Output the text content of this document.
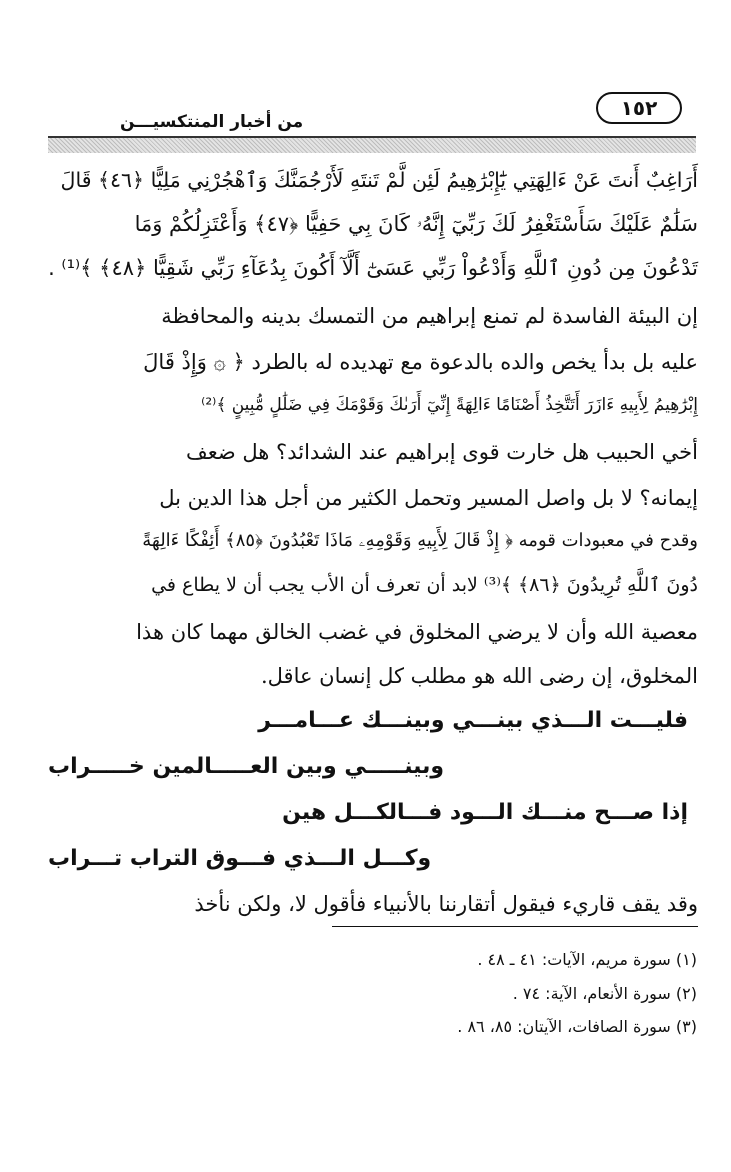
١٥٢
من أخبار المنتكسيـــن
أَرَاغِبٌ أَنتَ عَنْ ءَالِهَتِي يَٰٓإِبْرَٰهِيمُ لَئِن لَّمْ تَنتَهِ لَأَرْجُمَنَّكَ وَٱهْجُرْنِي مَلِيًّا ﴿٤٦﴾ قَالَ
سَلَٰمٌ عَلَيْكَ سَأَسْتَغْفِرُ لَكَ رَبِّيٓ إِنَّهُۥ كَانَ بِي حَفِيًّا ﴿٤٧﴾ وَأَعْتَزِلُكُمْ وَمَا
تَدْعُونَ مِن دُونِ ٱللَّهِ وَأَدْعُواْ رَبِّي عَسَىٰٓ أَلَّآ أَكُونَ بِدُعَآءِ رَبِّي شَقِيًّا ﴿٤٨﴾ ﴾⁽¹⁾ .
إن البيئة الفاسدة لم تمنع إبراهيم من التمسك بدينه والمحافظة
عليه بل بدأ يخص والده بالدعوة مع تهديده له بالطرد ﴿ ۞ وَإِذْ قَالَ
إِبْرَٰهِيمُ لِأَبِيهِ ءَازَرَ أَتَتَّخِذُ أَصْنَامًا ءَالِهَةً إِنِّيٓ أَرَىٰكَ وَقَوْمَكَ فِي ضَلَٰلٍ مُّبِينٍ ﴾⁽²⁾
أخي الحبيب هل خارت قوى إبراهيم عند الشدائد؟ هل ضعف
إيمانه؟ لا بل واصل المسير وتحمل الكثير من أجل هذا الدين بل
وقدح في معبودات قومه ﴿ إِذْ قَالَ لِأَبِيهِ وَقَوْمِهِۦ مَاذَا تَعْبُدُونَ ﴿٨٥﴾ أَئِفْكًا ءَالِهَةً
دُونَ ٱللَّهِ تُرِيدُونَ ﴿٨٦﴾ ﴾⁽³⁾ لابد أن تعرف أن الأب يجب أن لا يطاع في
معصية الله وأن لا يرضي المخلوق في غضب الخالق مهما كان هذا
المخلوق، إن رضى الله هو مطلب كل إنسان عاقل.
فليـــت الـــذي بينـــي وبينـــك عـــامـــر
وبينـــــي وبين العـــــالمين خـــــراب
إذا صـــح منـــك الـــود فـــالكـــل هين
وكـــل الـــذي فـــوق التراب تـــراب
وقد يقف قاريء فيقول أتقارننا بالأنبياء فأقول لا، ولكن نأخذ
(١) سورة مريم، الآيات: ٤١ ـ ٤٨ .
(٢) سورة الأنعام، الآية: ٧٤ .
(٣) سورة الصافات، الآيتان: ٨٥، ٨٦ .
